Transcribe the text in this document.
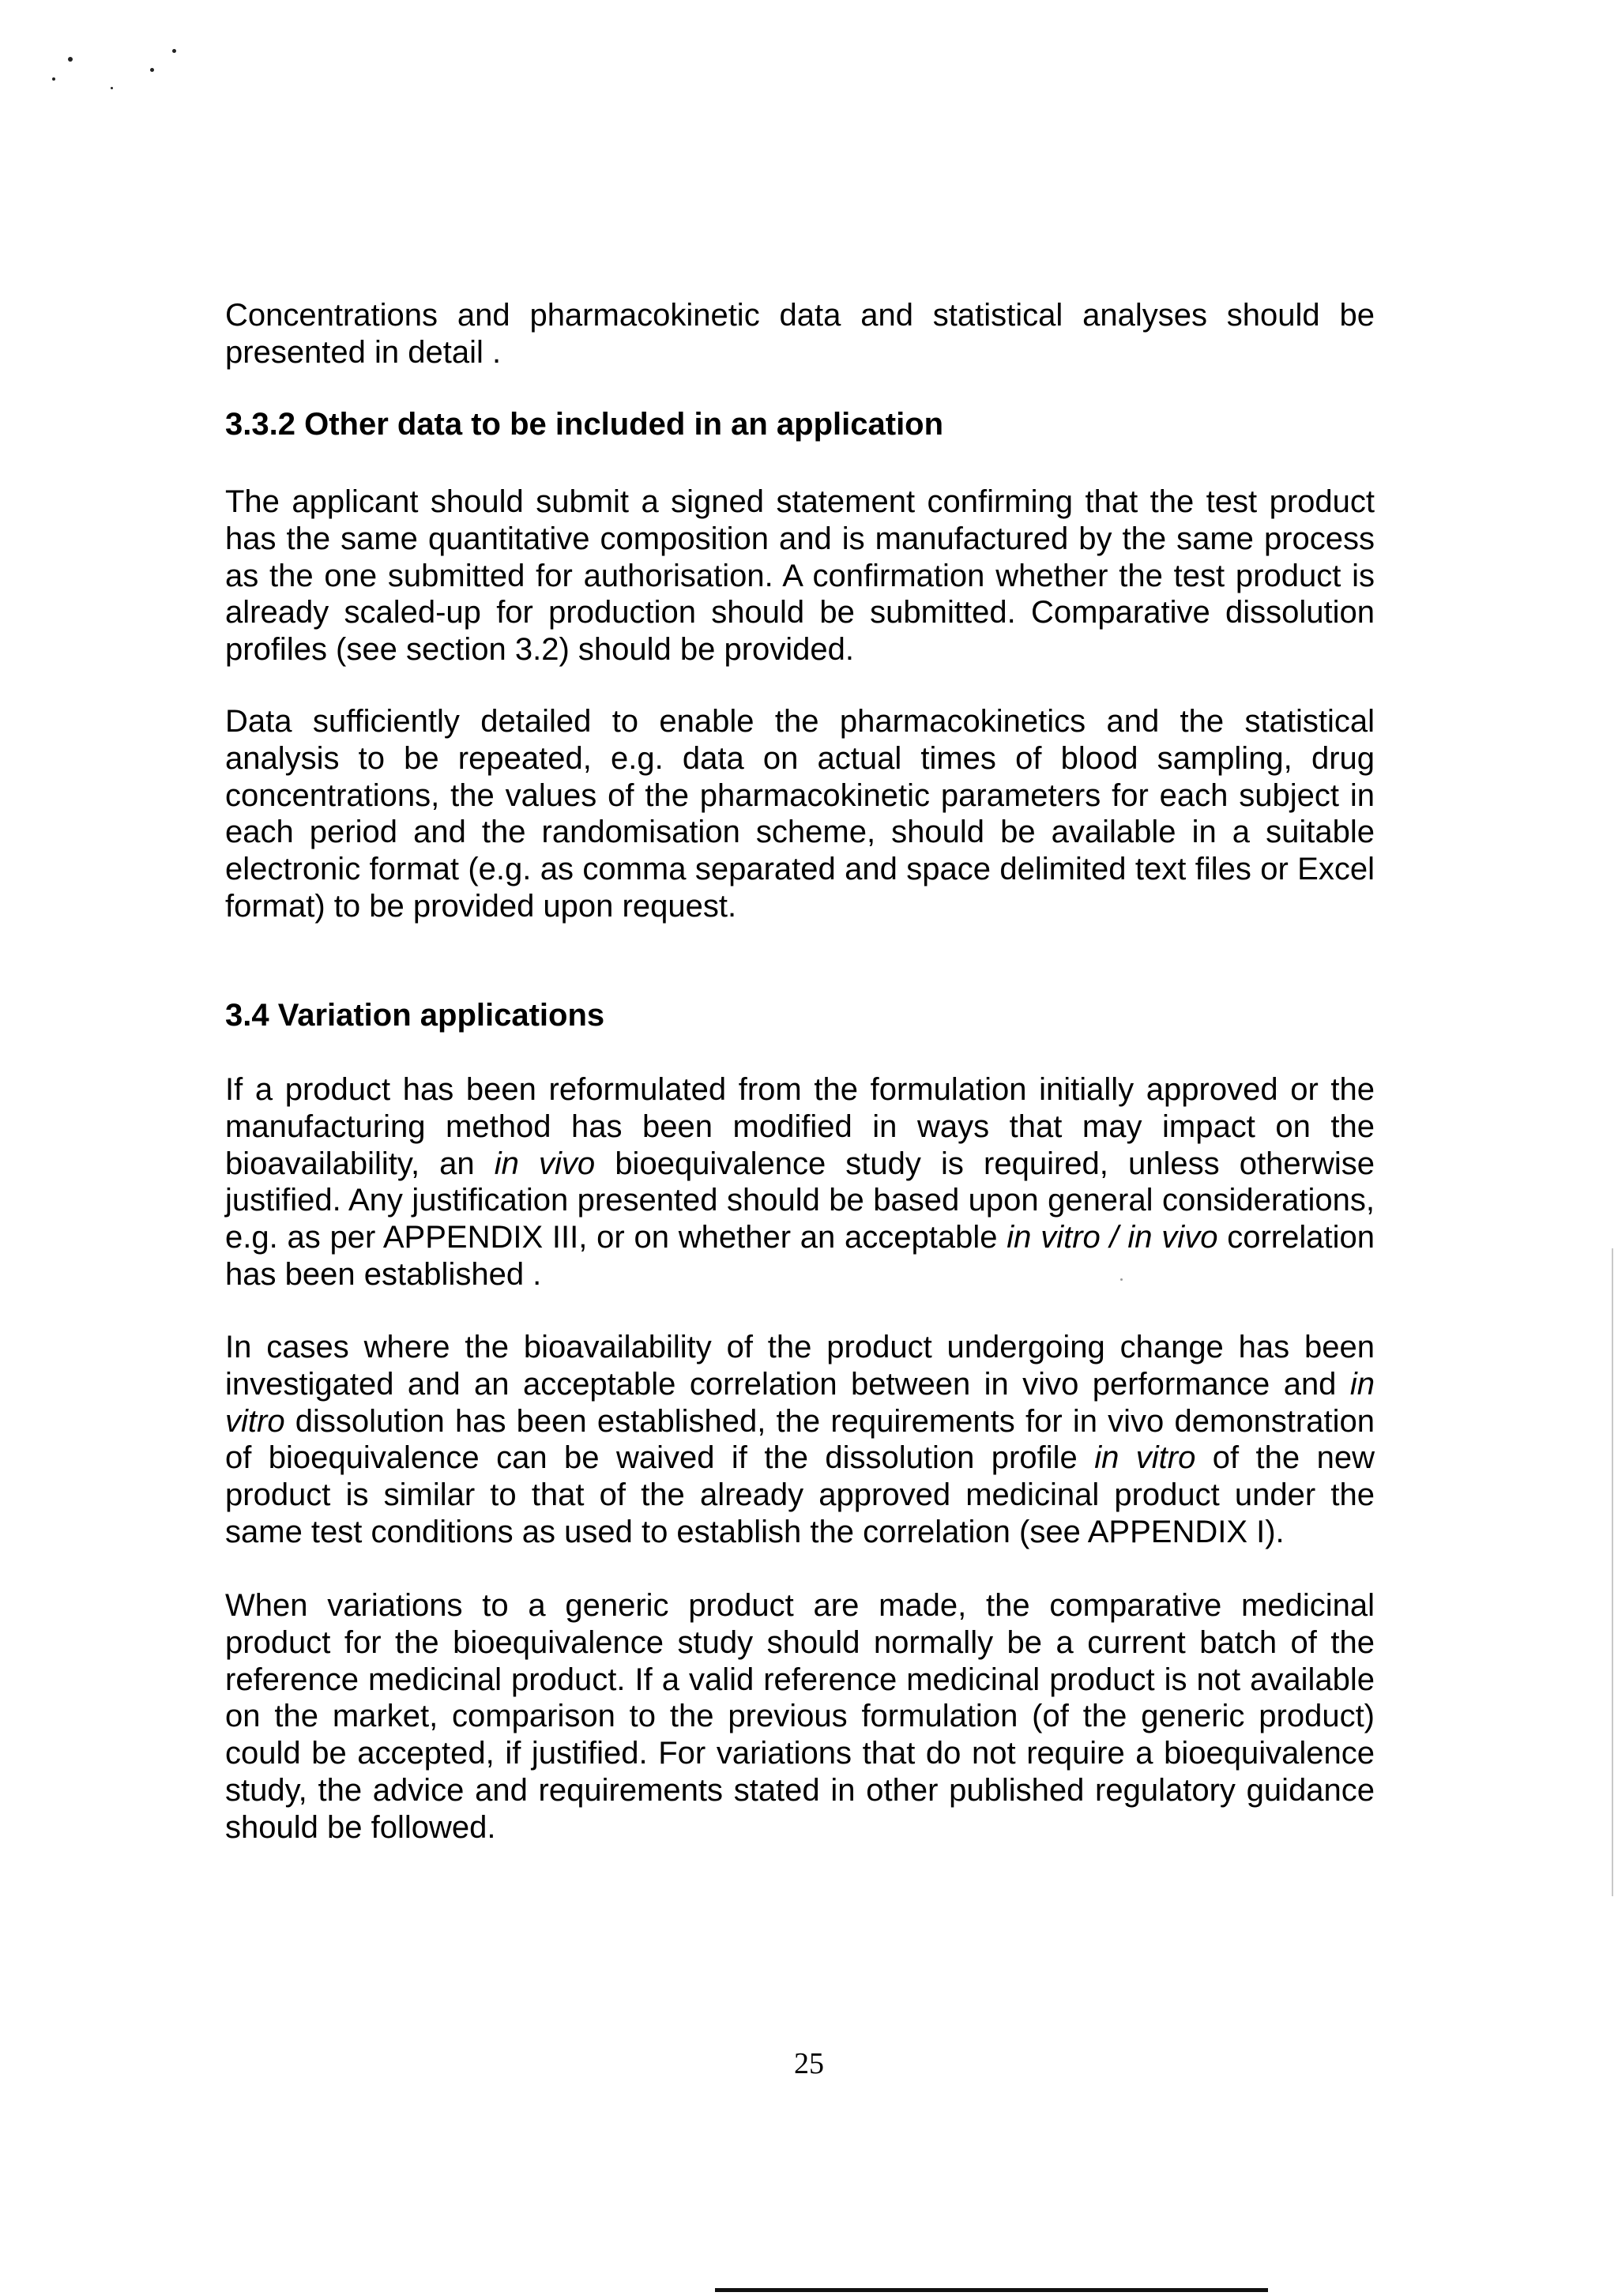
Concentrations and pharmacokinetic data and statistical analyses should be presented in detail .

3.3.2 Other data to be included in an application

The applicant should submit a signed statement confirming that the test product has the same quantitative composition and is manufactured by the same process as the one submitted for authorisation. A confirmation whether the test product is already scaled-up for production should be submitted. Comparative dissolution profiles (see section 3.2) should be provided.

Data sufficiently detailed to enable the pharmacokinetics and the statistical analysis to be repeated, e.g. data on actual times of blood sampling, drug concentrations, the values of the pharmacokinetic parameters for each subject in each period and the randomisation scheme, should be available in a suitable electronic format (e.g. as comma separated and space delimited text files or Excel format) to be provided upon request.

3.4 Variation applications

If a product has been reformulated from the formulation initially approved or the manufacturing method has been modified in ways that may impact on the bioavailability, an in vivo bioequivalence study is required, unless otherwise justified. Any justification presented should be based upon general considerations, e.g. as per APPENDIX III, or on whether an acceptable in vitro / in vivo correlation has been established .

In cases where the bioavailability of the product undergoing change has been investigated and an acceptable correlation between in vivo performance and in vitro dissolution has been established, the requirements for in vivo demonstration of bioequivalence can be waived if the dissolution profile in vitro of the new product is similar to that of the already approved medicinal product under the same test conditions as used to establish the correlation (see APPENDIX I).

When variations to a generic product are made, the comparative medicinal product for the bioequivalence study should normally be a current batch of the reference medicinal product. If a valid reference medicinal product is not available on the market, comparison to the previous formulation (of the generic product) could be accepted, if justified. For variations that do not require a bioequivalence study, the advice and requirements stated in other published regulatory guidance should be followed.

25
